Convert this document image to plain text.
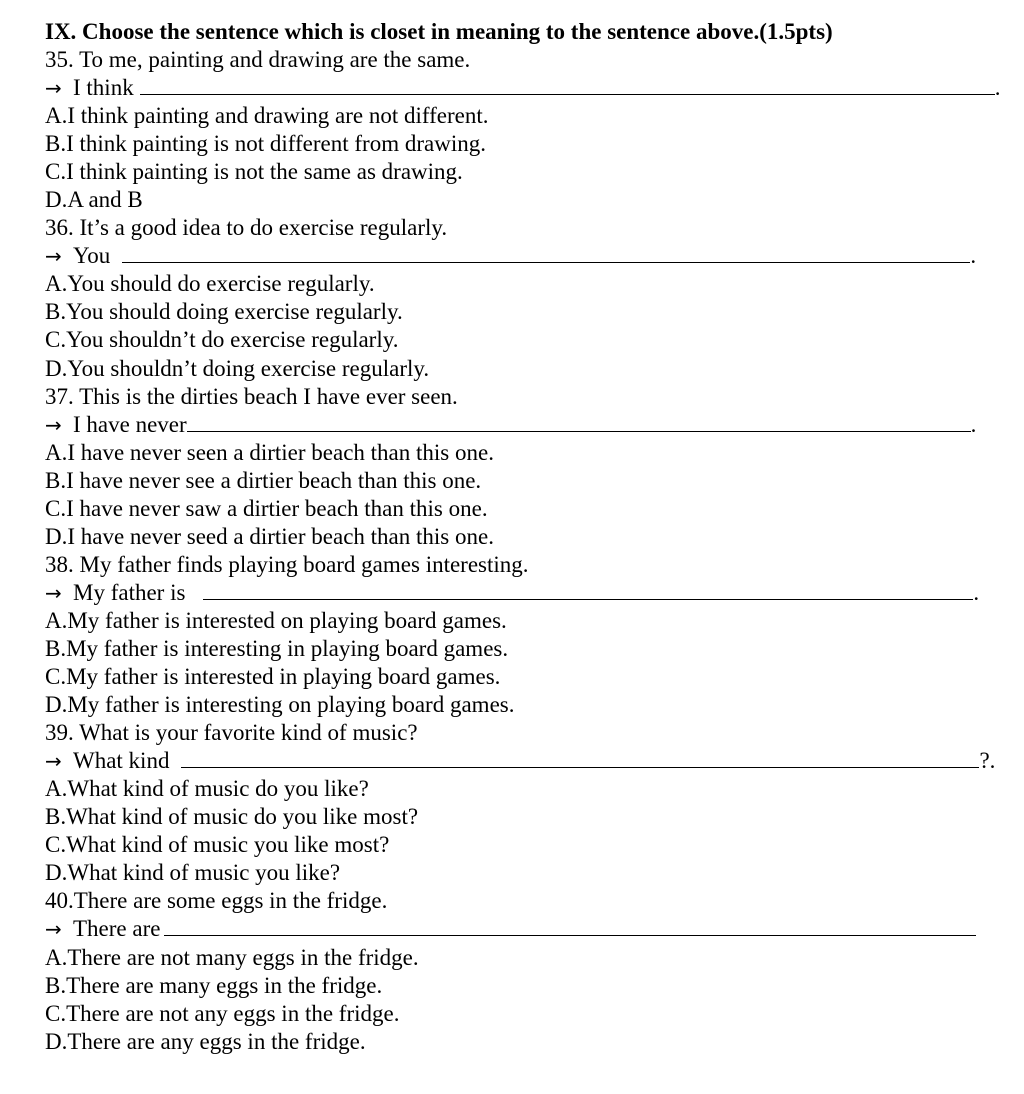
IX. Choose the sentence which is closet in meaning to the sentence above.(1.5pts)
35. To me, painting and drawing are the same.
→ I think	.
A.I think painting and drawing are not different.
B.I think painting is not different from drawing.
C.I think painting is not the same as drawing.
D.A and B
36. It’s a good idea to do exercise regularly.
→ You	.
A.You should do exercise regularly.
B.You should doing exercise regularly.
C.You shouldn’t do exercise regularly.
D.You shouldn’t doing exercise regularly.
37. This is the dirties beach I have ever seen.
→ I have never	.
A.I have never seen a dirtier beach than this one.
B.I have never see a dirtier beach than this one.
C.I have never saw a dirtier beach than this one.
D.I have never seed a dirtier beach than this one.
38. My father finds playing board games interesting.
→ My father is	.
A.My father is interested on playing board games.
B.My father is interesting in playing board games.
C.My father is interested in playing board games.
D.My father is interesting on playing board games.
39. What is your favorite kind of music?
→ What kind	?.
A.What kind of music do you like?
B.What kind of music do you like most?
C.What kind of music you like most?
D.What kind of music you like?
40.There are some eggs in the fridge.
→ There are
A.There are not many eggs in the fridge.
B.There are many eggs in the fridge.
C.There are not any eggs in the fridge.
D.There are any eggs in the fridge.
